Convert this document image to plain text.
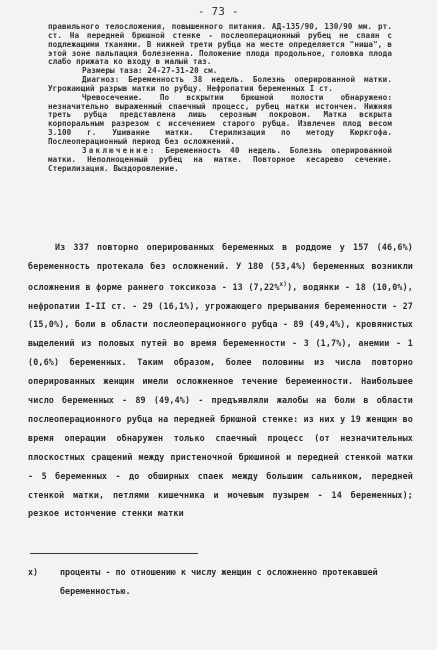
- 73 -

правильного телосложения, повышенного питания. АД-135/90, 130/90 мм. рт. ст. На передней брюшной стенке - послеоперационный рубец не спаян с подлежащими тканями. В нижней трети рубца на месте определяется "ниша", в этой зоне пальпация болезненна. Положение плода продольное, головка плода слабо прижата ко входу в малый таз.

Размеры таза: 24-27-31-20 см.

Диагноз: Беременность 38 недель. Болезнь оперированной матки. Угрожающий разрыв матки по рубцу. Нефропатия беременных I ст.

Чревосечение. По вскрытии брюшной полости обнаружено: незначительно выраженный спаечный процесс, рубец матки истончен. Нижняя треть рубца представлена лишь серозным покровом. Матка вскрыта корпоральным разрезом с иссечением старого рубца. Извлечен плод весом 3.100 г. Ушивание матки. Стерилизация по методу Кюркгофа. Послеоперационный период без осложнений.

Заключение: Беременность 40 недель. Болезнь оперированной матки. Неполноценный рубец на матке. Повторное кесарево сечение. Стерилизация. Выздоровление.

Из 337 повторно оперированных беременных в роддоме у 157 (46,6%) беременность протекала без осложнений. У 180 (53,4%) беременных возникли осложнения в форме раннего токсикоза - 13 (7,22%$^{x)}$), водянки - 18 (10,0%), нефропатии I-II ст. - 29 (16,1%), угрожающего прерывания беременности - 27 (15,0%), боли в области послеоперационного рубца - 89 (49,4%), кровянистых выделений из половых путей во время беременности - 3 (1,7%), анемии - 1 (0,6%) беременных. Таким образом, более половины из числа повторно оперированных женщин имели осложненное течение беременности. Наибольшее число беременных - 89 (49,4%) - предъявляли жалобы на боли в области послеоперационного рубца на передней брюшной стенке: из них у 19 женщин во время операции обнаружен только спаечный процесс (от незначительных плоскостных сращений между пристеночной брюшиной и передней стенкой матки - 5 беременных - до обширных спаек между большим сальником, передней стенкой матки, петлями кишечника и мочевым пузырем - 14 беременных); резкое истончение стенки матки

x)	проценты - по отношению к числу женщин с осложненно протекавшей беременностью.
